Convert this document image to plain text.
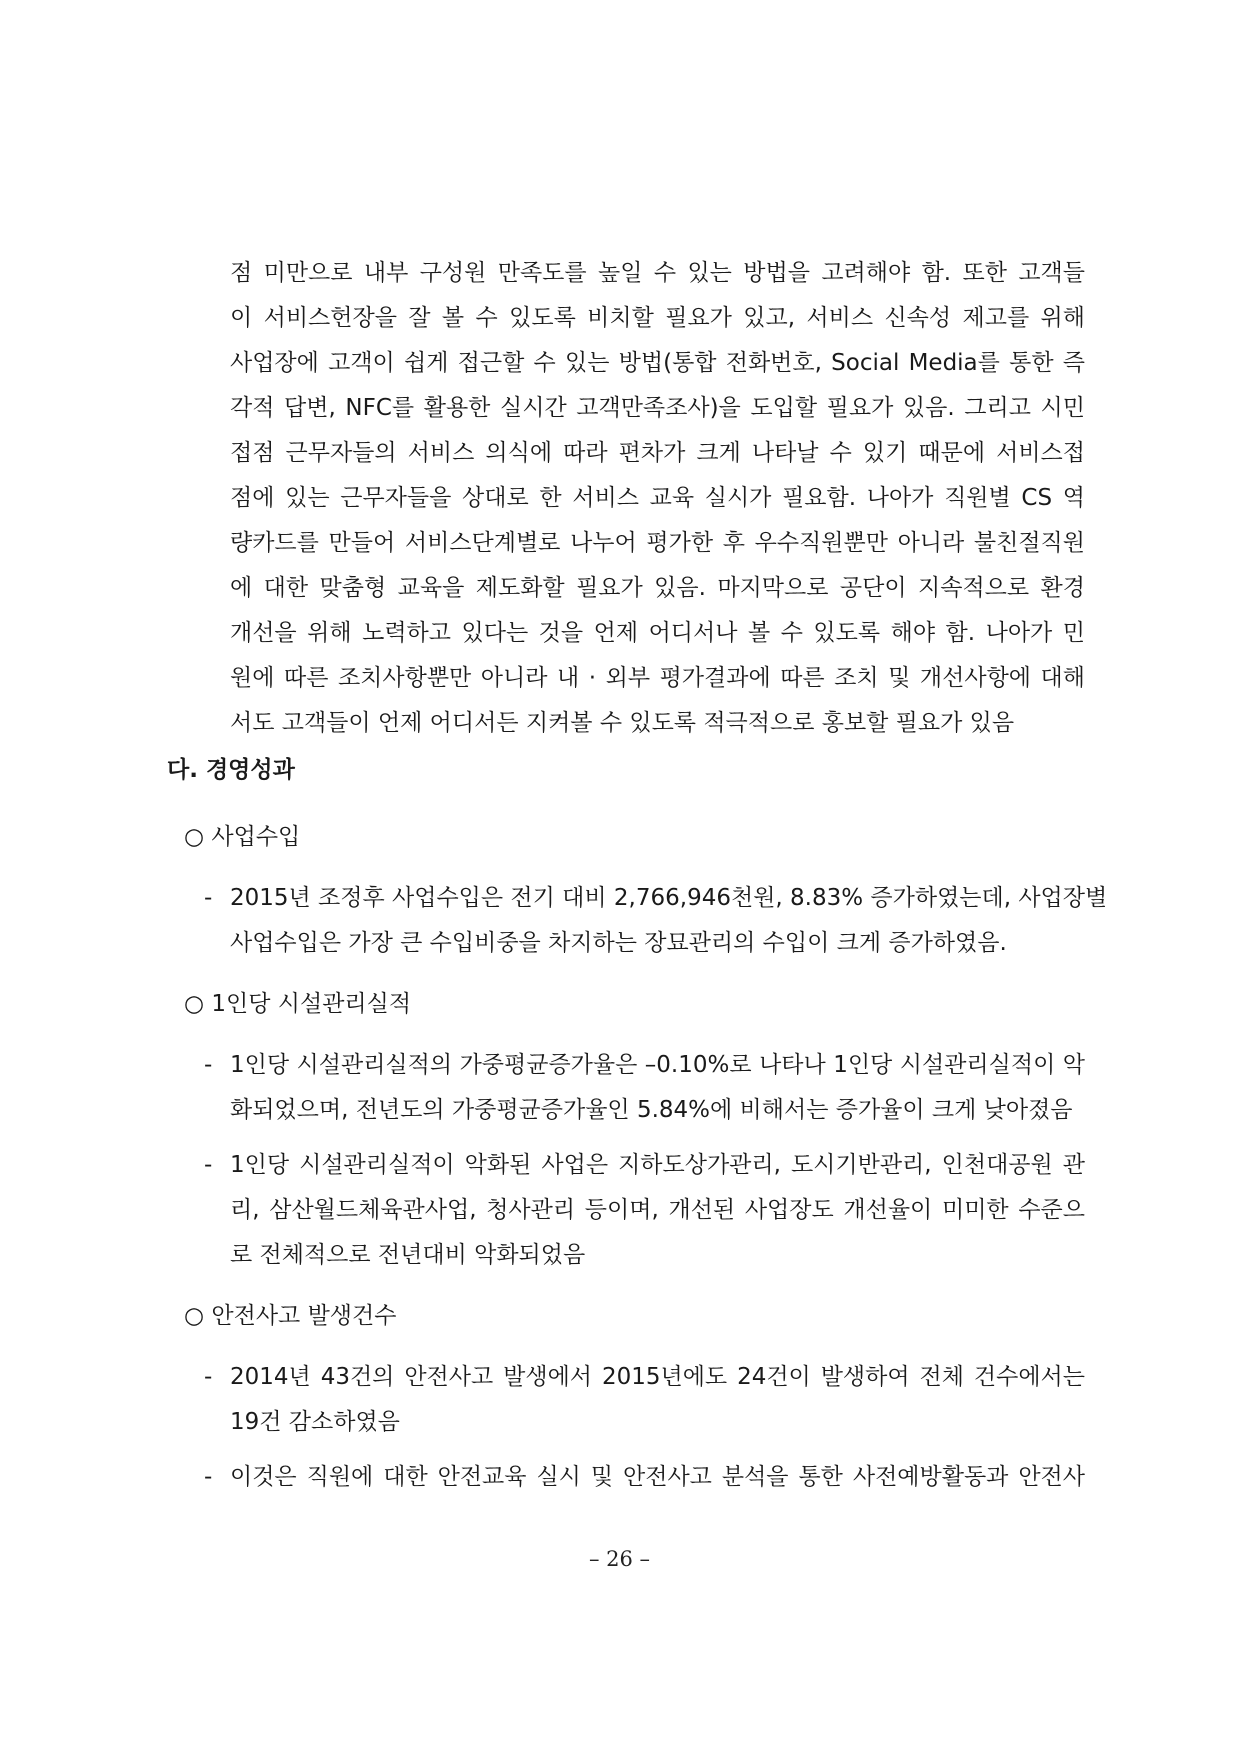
점 미만으로 내부 구성원 만족도를 높일 수 있는 방법을 고려해야 함. 또한 고객들
이 서비스헌장을 잘 볼 수 있도록 비치할 필요가 있고, 서비스 신속성 제고를 위해
사업장에 고객이 쉽게 접근할 수 있는 방법(통합 전화번호, Social Media를 통한 즉
각적 답변, NFC를 활용한 실시간 고객만족조사)을 도입할 필요가 있음. 그리고 시민
접점 근무자들의 서비스 의식에 따라 편차가 크게 나타날 수 있기 때문에 서비스접
점에 있는 근무자들을 상대로 한 서비스 교육 실시가 필요함. 나아가 직원별 CS 역
량카드를 만들어 서비스단계별로 나누어 평가한 후 우수직원뿐만 아니라 불친절직원
에 대한 맞춤형 교육을 제도화할 필요가 있음. 마지막으로 공단이 지속적으로 환경
개선을 위해 노력하고 있다는 것을 언제 어디서나 볼 수 있도록 해야 함. 나아가 민
원에 따른 조치사항뿐만 아니라 내 · 외부 평가결과에 따른 조치 및 개선사항에 대해
서도 고객들이 언제 어디서든 지켜볼 수 있도록 적극적으로 홍보할 필요가 있음
다. 경영성과
○ 사업수입
- 2015년 조정후 사업수입은 전기 대비 2,766,946천원, 8.83% 증가하였는데, 사업장별
사업수입은 가장 큰 수입비중을 차지하는 장묘관리의 수입이 크게 증가하였음.
○ 1인당 시설관리실적
- 1인당 시설관리실적의 가중평균증가율은 –0.10%로 나타나 1인당 시설관리실적이 악
화되었으며, 전년도의 가중평균증가율인 5.84%에 비해서는 증가율이 크게 낮아졌음
- 1인당 시설관리실적이 악화된 사업은 지하도상가관리, 도시기반관리, 인천대공원 관
리, 삼산월드체육관사업, 청사관리 등이며, 개선된 사업장도 개선율이 미미한 수준으
로 전체적으로 전년대비 악화되었음
○ 안전사고 발생건수
- 2014년 43건의 안전사고 발생에서 2015년에도 24건이 발생하여 전체 건수에서는
19건 감소하였음
- 이것은 직원에 대한 안전교육 실시 및 안전사고 분석을 통한 사전예방활동과 안전사
– 26 –
